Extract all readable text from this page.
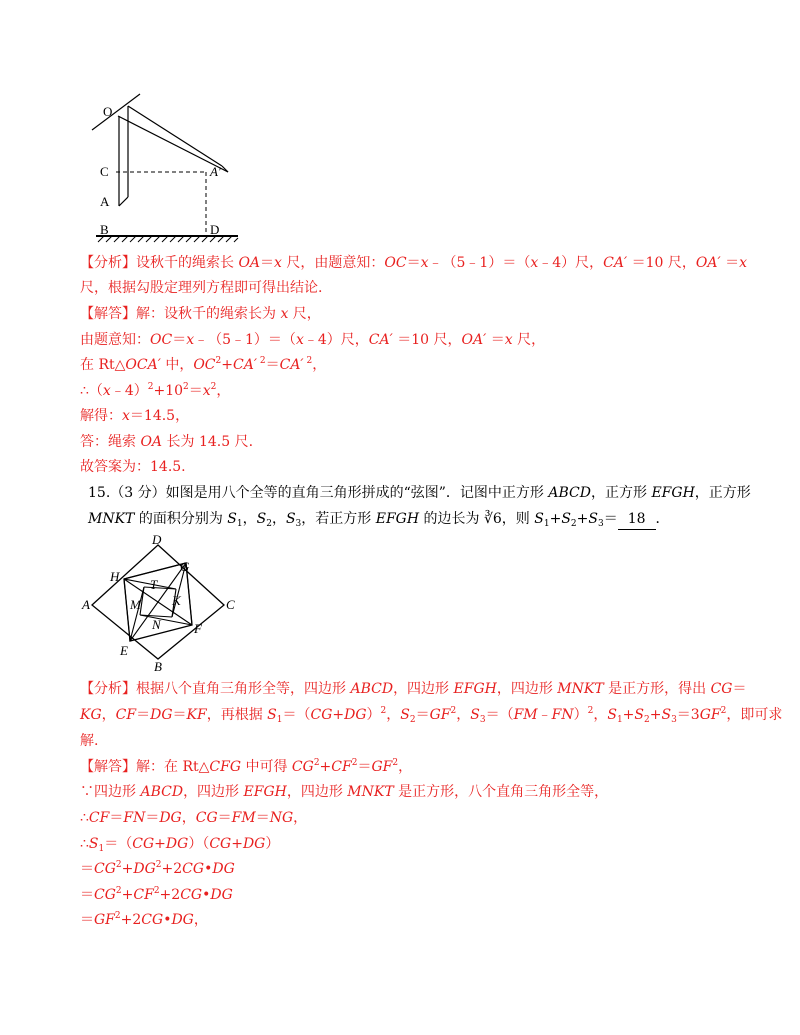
O
C
A
B
A′
D
【分析】设秋千的绳索长 OA＝x 尺，由题意知：OC＝x﹣（5﹣1）＝（x﹣4）尺，CA′ ＝10 尺，OA′ ＝x
尺，根据勾股定理列方程即可得出结论.
【解答】解：设秋千的绳索长为 x 尺，
由题意知：OC＝x﹣（5﹣1）＝（x﹣4）尺，CA′ ＝10 尺，OA′ ＝x 尺，
在 Rt△OCA′ 中，$OC^2+CA'$ $^2$＝CA′ $^2$，
$\therefore(x﹣4)^2+10^2=x^2$，
解得：x＝14.5，
答：绳索 OA 长为 14.5 尺.
故答案为：14.5.
15.（3 分）如图是用八个全等的直角三角形拼成的“弦图”．记图中正方形 ABCD，正方形 EFGH，正方形
MNKT 的面积分别为 $S_1$，$S_2$，$S_3$，若正方形 EFGH 的边长为 ∛6，则 $S_1+S_2+S_3= 18$ ．
D
C
B
A
H
G
F
E
T
K
M
N
【分析】根据八个直角三角形全等，四边形 ABCD，四边形 EFGH，四边形 MNKT 是正方形，得出 CG＝
KG，CF＝DG＝KF，再根据 $S_1=(CG+DG)^2$，$S_2=GF^2$，$S_3=(FM﹣FN)^2$，$S_1+S_2+S_3=3GF^2$，即可求
解.
【解答】解：在 Rt△CFG 中可得 $CG^2+CF^2=GF^2$，
∵四边形 ABCD，四边形 EFGH，四边形 MNKT 是正方形，八个直角三角形全等，
∴CF＝FN＝DG，CG＝FM＝NG，
$\therefore S_1=(CG+DG)(CG+DG)$
$=CG^2+DG^2+2CG•DG$
$=CG^2+CF^2+2CG•DG$
$=GF^2+2CG•DG$，
